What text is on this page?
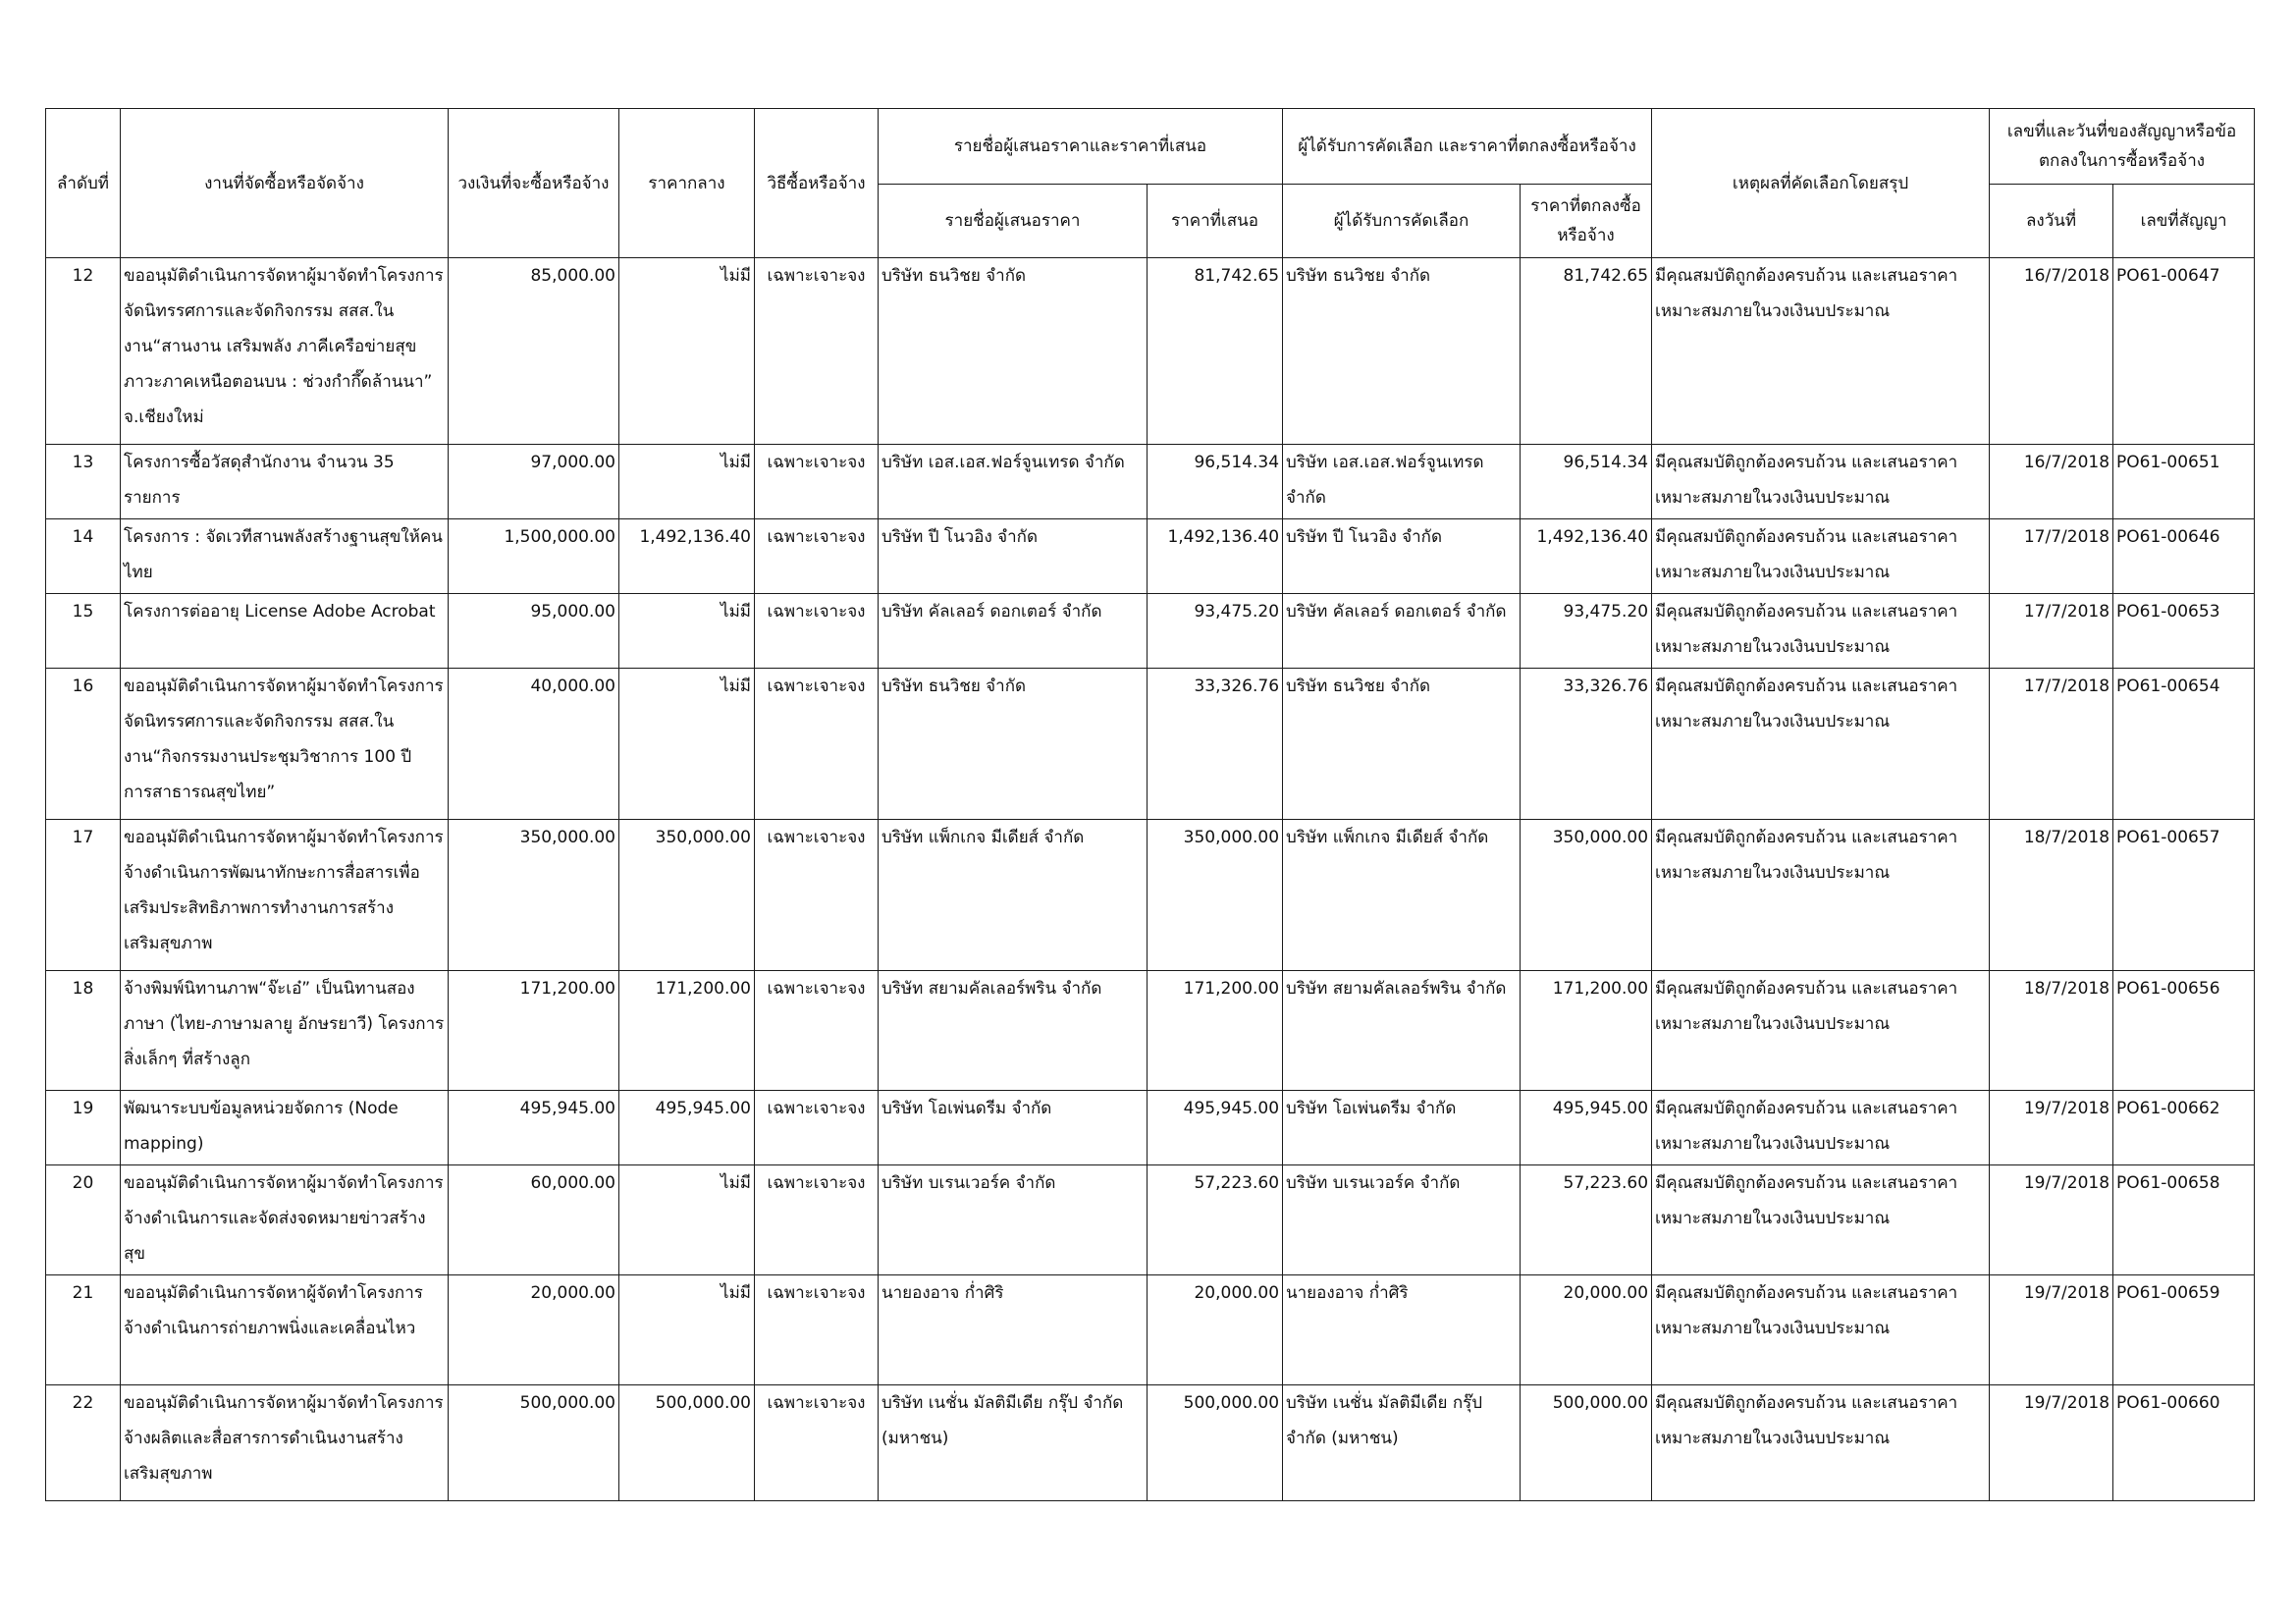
ลำดับที่	งานที่จัดซื้อหรือจัดจ้าง	วงเงินที่จะซื้อหรือจ้าง	ราคากลาง	วิธีซื้อหรือจ้าง	รายชื่อผู้เสนอราคาและราคาที่เสนอ		ผู้ได้รับการคัดเลือก และราคาที่ตกลงซื้อหรือจ้าง		เหตุผลที่คัดเลือกโดยสรุป	เลขที่และวันที่ของสัญญาหรือข้อตกลงในการซื้อหรือจ้าง	
					รายชื่อผู้เสนอราคา	ราคาที่เสนอ	ผู้ได้รับการคัดเลือก	ราคาที่ตกลงซื้อหรือจ้าง		ลงวันที่	เลขที่สัญญา
12	ขออนุมัติดำเนินการจัดหาผู้มาจัดทำโครงการจัดนิทรรศการและจัดกิจกรรม สสส.ในงาน“สานงาน เสริมพลัง ภาคีเครือข่ายสุขภาวะภาคเหนือตอนบน : ช่วงกำกึ๊ดล้านนา” จ.เชียงใหม่	85,000.00	ไม่มี	เฉพาะเจาะจง	บริษัท ธนวิชย จำกัด	81,742.65	บริษัท ธนวิชย จำกัด	81,742.65	มีคุณสมบัติถูกต้องครบถ้วน และเสนอราคาเหมาะสมภายในวงเงินบประมาณ	16/7/2018	PO61-00647
13	โครงการซื้อวัสดุสำนักงาน จำนวน 35 รายการ	97,000.00	ไม่มี	เฉพาะเจาะจง	บริษัท เอส.เอส.ฟอร์จูนเทรด จำกัด	96,514.34	บริษัท เอส.เอส.ฟอร์จูนเทรด จำกัด	96,514.34	มีคุณสมบัติถูกต้องครบถ้วน และเสนอราคาเหมาะสมภายในวงเงินบประมาณ	16/7/2018	PO61-00651
14	โครงการ : จัดเวทีสานพลังสร้างฐานสุขให้คนไทย	1,500,000.00	1,492,136.40	เฉพาะเจาะจง	บริษัท ปี โนวอิง จำกัด	1,492,136.40	บริษัท ปี โนวอิง จำกัด	1,492,136.40	มีคุณสมบัติถูกต้องครบถ้วน และเสนอราคาเหมาะสมภายในวงเงินบประมาณ	17/7/2018	PO61-00646
15	โครงการต่ออายุ License Adobe Acrobat	95,000.00	ไม่มี	เฉพาะเจาะจง	บริษัท คัลเลอร์ ดอกเตอร์ จำกัด	93,475.20	บริษัท คัลเลอร์ ดอกเตอร์ จำกัด	93,475.20	มีคุณสมบัติถูกต้องครบถ้วน และเสนอราคาเหมาะสมภายในวงเงินบประมาณ	17/7/2018	PO61-00653
16	ขออนุมัติดำเนินการจัดหาผู้มาจัดทำโครงการจัดนิทรรศการและจัดกิจกรรม สสส.ในงาน“กิจกรรมงานประชุมวิชาการ 100 ปี การสาธารณสุขไทย”	40,000.00	ไม่มี	เฉพาะเจาะจง	บริษัท ธนวิชย จำกัด	33,326.76	บริษัท ธนวิชย จำกัด	33,326.76	มีคุณสมบัติถูกต้องครบถ้วน และเสนอราคาเหมาะสมภายในวงเงินบประมาณ	17/7/2018	PO61-00654
17	ขออนุมัติดำเนินการจัดหาผู้มาจัดทำโครงการจ้างดำเนินการพัฒนาทักษะการสื่อสารเพื่อเสริมประสิทธิภาพการทำงานการสร้างเสริมสุขภาพ	350,000.00	350,000.00	เฉพาะเจาะจง	บริษัท แพ็กเกจ มีเดียส์ จำกัด	350,000.00	บริษัท แพ็กเกจ มีเดียส์ จำกัด	350,000.00	มีคุณสมบัติถูกต้องครบถ้วน และเสนอราคาเหมาะสมภายในวงเงินบประมาณ	18/7/2018	PO61-00657
18	จ้างพิมพ์นิทานภาพ“จ๊ะเอ๋” เป็นนิทานสองภาษา (ไทย-ภาษามลายู อักษรยาวี) โครงการ สิ่งเล็กๆ ที่สร้างลูก	171,200.00	171,200.00	เฉพาะเจาะจง	บริษัท สยามคัลเลอร์พริน จำกัด	171,200.00	บริษัท สยามคัลเลอร์พริน จำกัด	171,200.00	มีคุณสมบัติถูกต้องครบถ้วน และเสนอราคาเหมาะสมภายในวงเงินบประมาณ	18/7/2018	PO61-00656
19	พัฒนาระบบข้อมูลหน่วยจัดการ (Node mapping)	495,945.00	495,945.00	เฉพาะเจาะจง	บริษัท โอเพ่นดรีม จำกัด	495,945.00	บริษัท โอเพ่นดรีม จำกัด	495,945.00	มีคุณสมบัติถูกต้องครบถ้วน และเสนอราคาเหมาะสมภายในวงเงินบประมาณ	19/7/2018	PO61-00662
20	ขออนุมัติดำเนินการจัดหาผู้มาจัดทำโครงการจ้างดำเนินการและจัดส่งจดหมายข่าวสร้างสุข	60,000.00	ไม่มี	เฉพาะเจาะจง	บริษัท บเรนเวอร์ค จำกัด	57,223.60	บริษัท บเรนเวอร์ค จำกัด	57,223.60	มีคุณสมบัติถูกต้องครบถ้วน และเสนอราคาเหมาะสมภายในวงเงินบประมาณ	19/7/2018	PO61-00658
21	ขออนุมัติดำเนินการจัดหาผู้จัดทำโครงการจ้างดำเนินการถ่ายภาพนิ่งและเคลื่อนไหว	20,000.00	ไม่มี	เฉพาะเจาะจง	นายองอาจ ก่ำศิริ	20,000.00	นายองอาจ ก่ำศิริ	20,000.00	มีคุณสมบัติถูกต้องครบถ้วน และเสนอราคาเหมาะสมภายในวงเงินบประมาณ	19/7/2018	PO61-00659
22	ขออนุมัติดำเนินการจัดหาผู้มาจัดทำโครงการจ้างผลิตและสื่อสารการดำเนินงานสร้างเสริมสุขภาพ	500,000.00	500,000.00	เฉพาะเจาะจง	บริษัท เนชั่น มัลติมีเดีย กรุ๊ป จำกัด (มหาชน)	500,000.00	บริษัท เนชั่น มัลติมีเดีย กรุ๊ป จำกัด (มหาชน)	500,000.00	มีคุณสมบัติถูกต้องครบถ้วน และเสนอราคาเหมาะสมภายในวงเงินบประมาณ	19/7/2018	PO61-00660
